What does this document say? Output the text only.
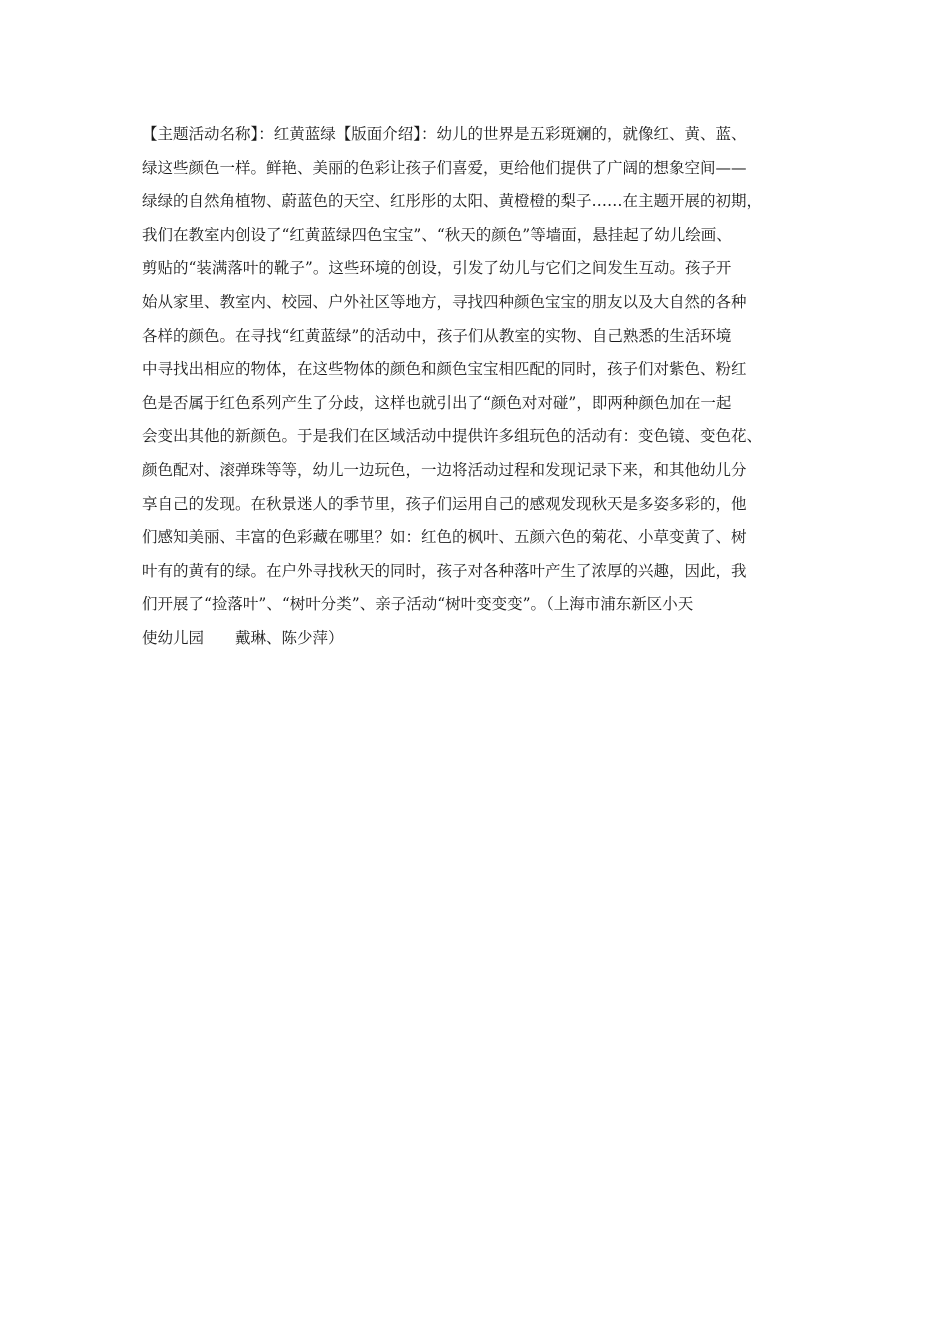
【主题活动名称】：红黄蓝绿【版面介绍】：幼儿的世界是五彩斑斓的，就像红、黄、蓝、
绿这些颜色一样。鲜艳、美丽的色彩让孩子们喜爱，更给他们提供了广阔的想象空间——
绿绿的自然角植物、蔚蓝色的天空、红彤彤的太阳、黄橙橙的梨子……在主题开展的初期，
我们在教室内创设了“红黄蓝绿四色宝宝”、“秋天的颜色”等墙面，悬挂起了幼儿绘画、
剪贴的“装满落叶的靴子”。这些环境的创设，引发了幼儿与它们之间发生互动。孩子开
始从家里、教室内、校园、户外社区等地方，寻找四种颜色宝宝的朋友以及大自然的各种
各样的颜色。在寻找“红黄蓝绿”的活动中，孩子们从教室的实物、自己熟悉的生活环境
中寻找出相应的物体，在这些物体的颜色和颜色宝宝相匹配的同时，孩子们对紫色、粉红
色是否属于红色系列产生了分歧，这样也就引出了“颜色对对碰”，即两种颜色加在一起
会变出其他的新颜色。于是我们在区域活动中提供许多组玩色的活动有：变色镜、变色花、
颜色配对、滚弹珠等等，幼儿一边玩色，一边将活动过程和发现记录下来，和其他幼儿分
享自己的发现。在秋景迷人的季节里，孩子们运用自己的感观发现秋天是多姿多彩的，他
们感知美丽、丰富的色彩藏在哪里？如：红色的枫叶、五颜六色的菊花、小草变黄了、树
叶有的黄有的绿。在户外寻找秋天的同时，孩子对各种落叶产生了浓厚的兴趣，因此，我
们开展了“捡落叶”、“树叶分类”、亲子活动“树叶变变变”。（上海市浦东新区小天
使幼儿园　　戴琳、陈少萍）
